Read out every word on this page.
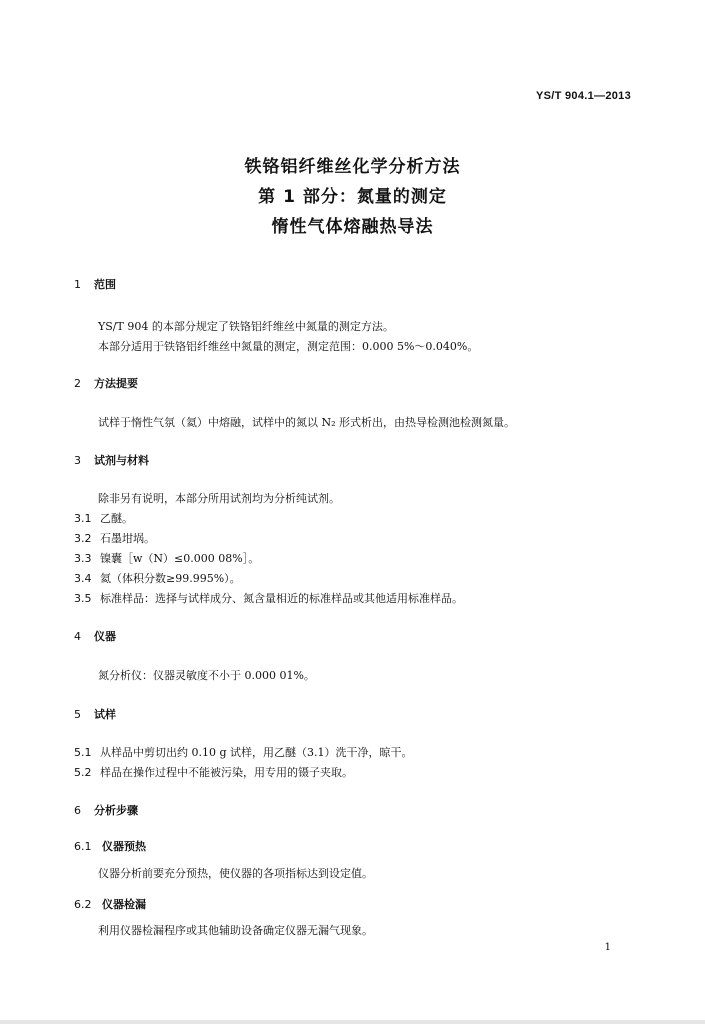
YS/T 904.1—2013
铁铬铝纤维丝化学分析方法
第 1 部分：氮量的测定
惰性气体熔融热导法
1 范围
YS/T 904 的本部分规定了铁铬铝纤维丝中氮量的测定方法。
本部分适用于铁铬铝纤维丝中氮量的测定，测定范围：0.000 5%～0.040%。
2 方法提要
试样于惰性气氛（氦）中熔融，试样中的氮以 N₂ 形式析出，由热导检测池检测氮量。
3 试剂与材料
除非另有说明，本部分所用试剂均为分析纯试剂。
3.1 乙醚。
3.2 石墨坩埚。
3.3 镍囊［w（N）≤0.000 08%］。
3.4 氦（体积分数≥99.995%）。
3.5 标准样品：选择与试样成分、氮含量相近的标准样品或其他适用标准样品。
4 仪器
氮分析仪：仪器灵敏度不小于 0.000 01%。
5 试样
5.1 从样品中剪切出约 0.10 g 试样，用乙醚（3.1）洗干净，晾干。
5.2 样品在操作过程中不能被污染，用专用的镊子夹取。
6 分析步骤
6.1 仪器预热
仪器分析前要充分预热，使仪器的各项指标达到设定值。
6.2 仪器检漏
利用仪器检漏程序或其他辅助设备确定仪器无漏气现象。
1
